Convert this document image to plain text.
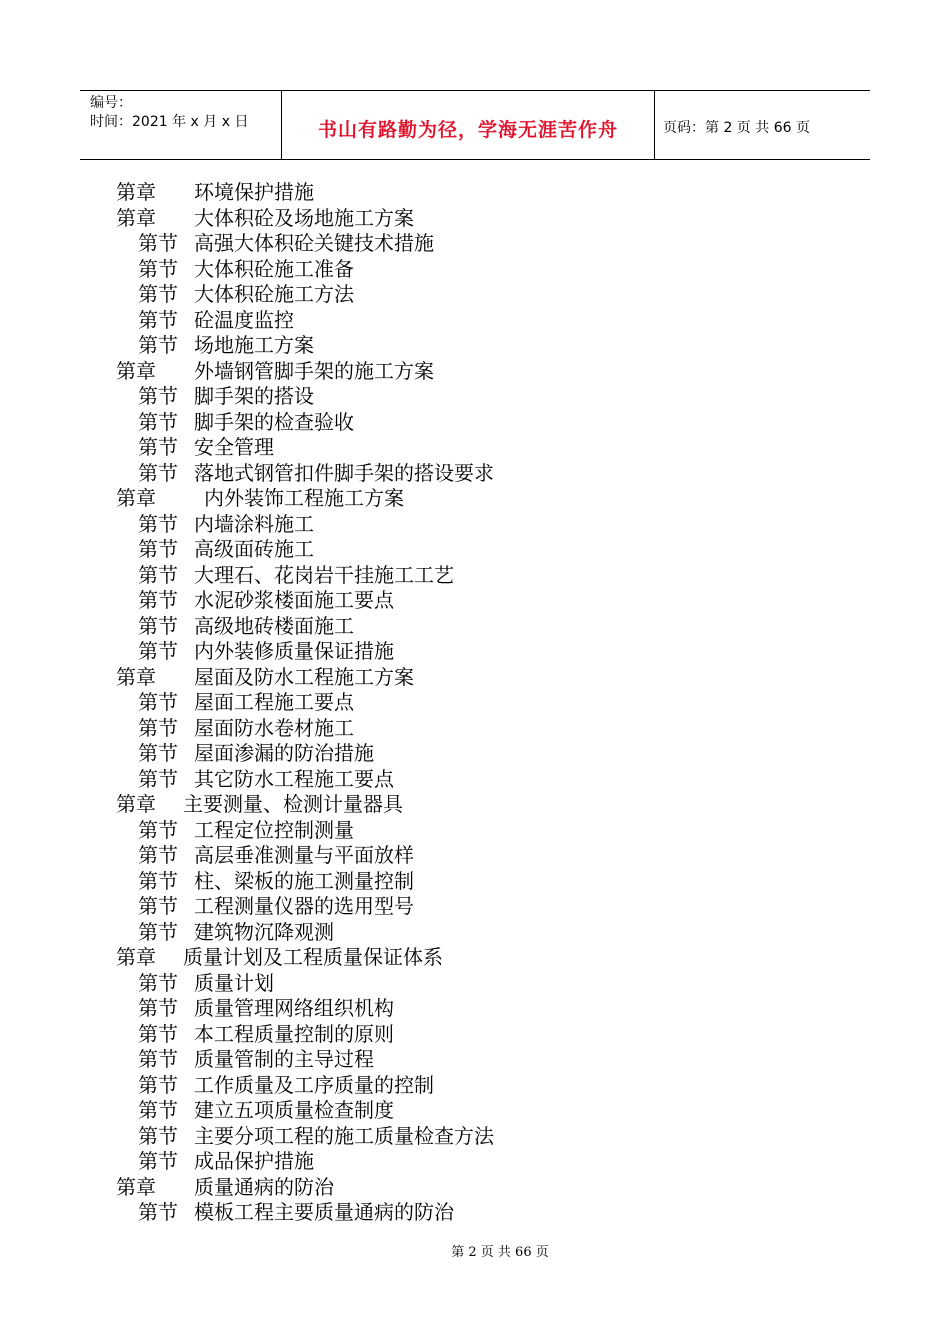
编号：
时间：2021 年 x 月 x 日	书山有路勤为径，学海无涯苦作舟	页码：第 2 页 共 66 页
第章 环境保护措施
第章 大体积砼及场地施工方案
第节 高强大体积砼关键技术措施
第节 大体积砼施工准备
第节 大体积砼施工方法
第节 砼温度监控
第节 场地施工方案
第章 外墙钢管脚手架的施工方案
第节 脚手架的搭设
第节 脚手架的检查验收
第节 安全管理
第节 落地式钢管扣件脚手架的搭设要求
第章 内外装饰工程施工方案
第节 内墙涂料施工
第节 高级面砖施工
第节 大理石、花岗岩干挂施工工艺
第节 水泥砂浆楼面施工要点
第节 高级地砖楼面施工
第节 内外装修质量保证措施
第章 屋面及防水工程施工方案
第节 屋面工程施工要点
第节 屋面防水卷材施工
第节 屋面渗漏的防治措施
第节 其它防水工程施工要点
第章 主要测量、检测计量器具
第节 工程定位控制测量
第节 高层垂准测量与平面放样
第节 柱、梁板的施工测量控制
第节 工程测量仪器的选用型号
第节 建筑物沉降观测
第章 质量计划及工程质量保证体系
第节 质量计划
第节 质量管理网络组织机构
第节 本工程质量控制的原则
第节 质量管制的主导过程
第节 工作质量及工序质量的控制
第节 建立五项质量检查制度
第节 主要分项工程的施工质量检查方法
第节 成品保护措施
第章 质量通病的防治
第节 模板工程主要质量通病的防治
第 2 页 共 66 页
